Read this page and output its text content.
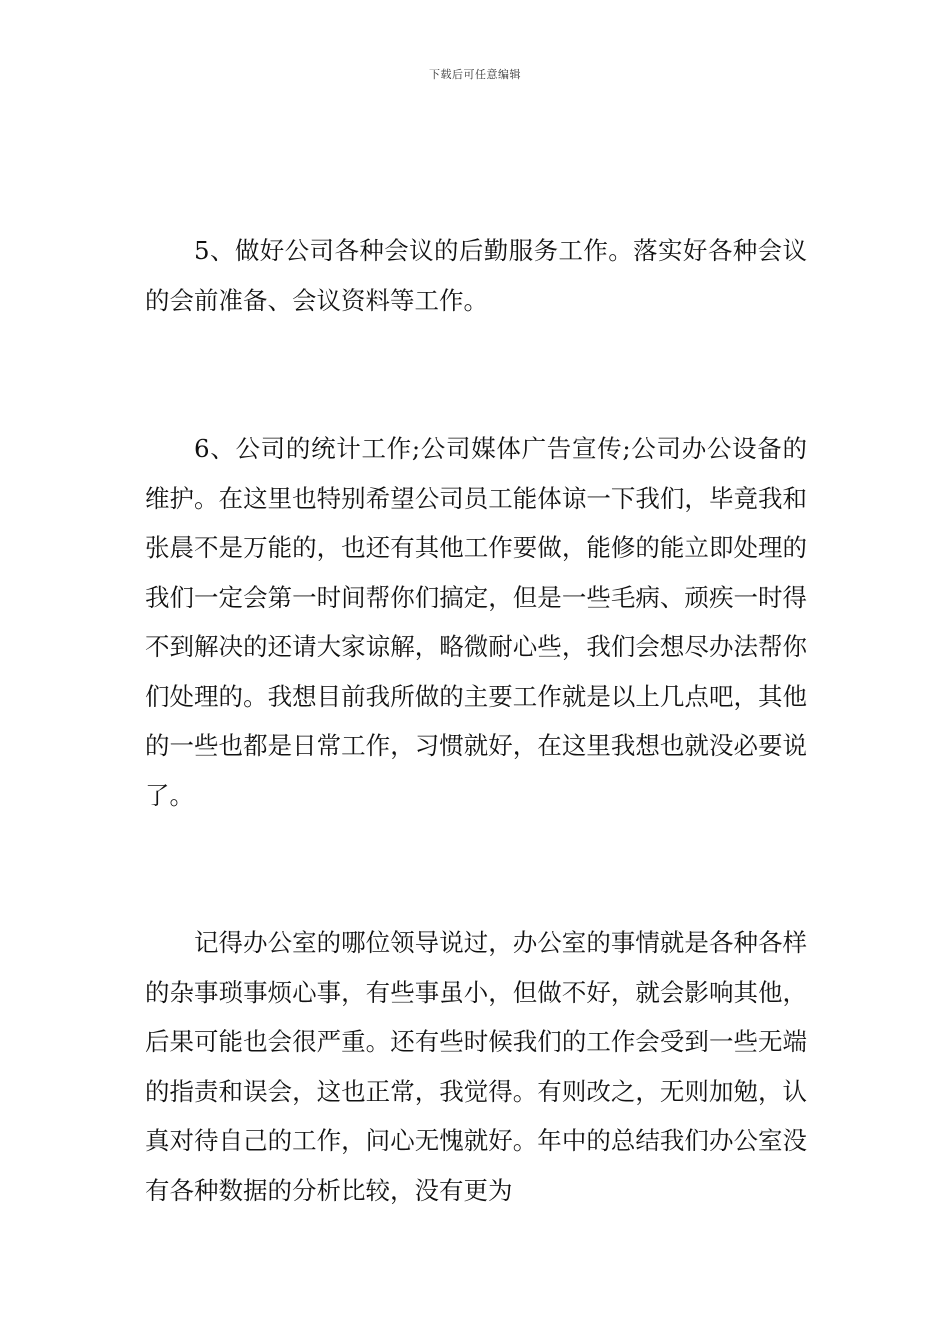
下载后可任意编辑

5、做好公司各种会议的后勤服务工作。落实好各种会议的会前准备、会议资料等工作。

6、公司的统计工作;公司媒体广告宣传;公司办公设备的维护。在这里也特别希望公司员工能体谅一下我们，毕竟我和张晨不是万能的，也还有其他工作要做，能修的能立即处理的我们一定会第一时间帮你们搞定，但是一些毛病、顽疾一时得不到解决的还请大家谅解，略微耐心些，我们会想尽办法帮你们处理的。我想目前我所做的主要工作就是以上几点吧，其他的一些也都是日常工作，习惯就好，在这里我想也就没必要说了。

记得办公室的哪位领导说过，办公室的事情就是各种各样的杂事琐事烦心事，有些事虽小，但做不好，就会影响其他，后果可能也会很严重。还有些时候我们的工作会受到一些无端的指责和误会，这也正常，我觉得。有则改之，无则加勉，认真对待自己的工作，问心无愧就好。年中的总结我们办公室没有各种数据的分析比较，没有更为
